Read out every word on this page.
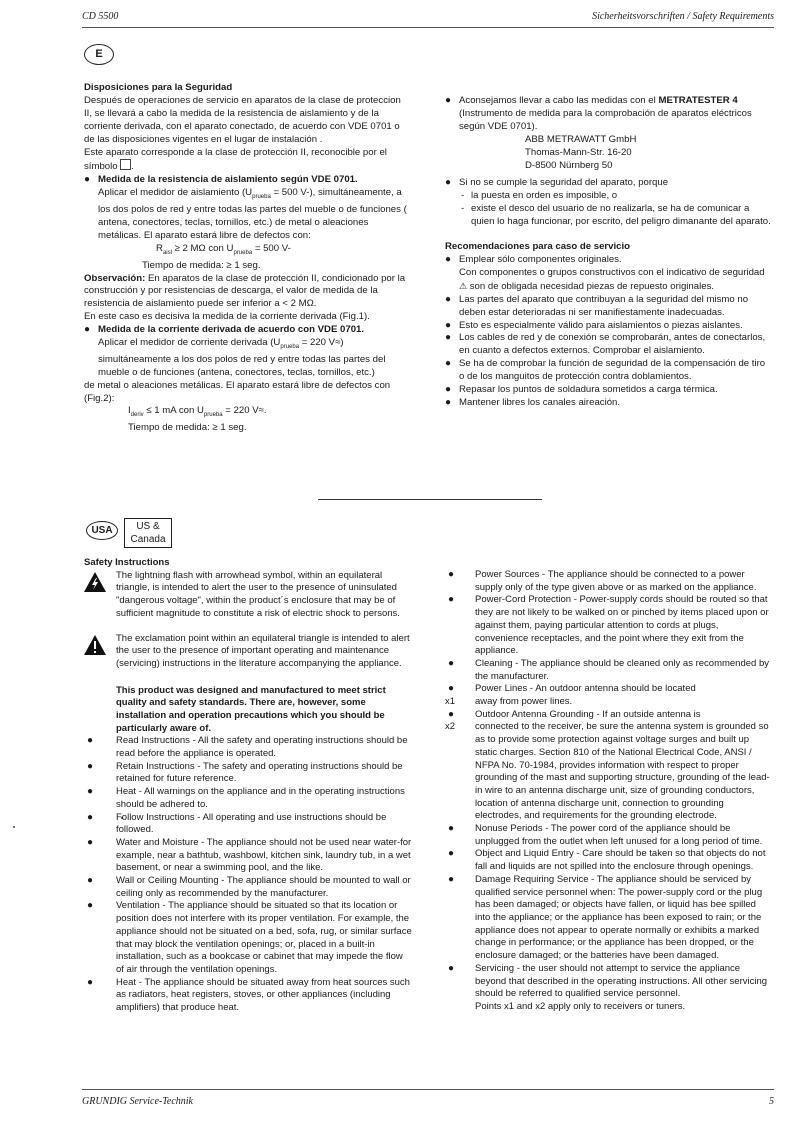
CD 5500	Sicherheitsvorschriften / Safety Requirements
E

Disposiciones para la Seguridad

Después de operaciones de servicio en aparatos de la clase de proteccion II, se llevará a cabo la medida de la resistencia de aislamiento y de la corriente derivada, con el aparato conectado, de acuerdo con VDE 0701 o de las disposiciones vigentes en el lugar de instalación .

Este aparato corresponde a la clase de protección II, reconocible por el símbolo .

● Medida de la resistencia de aislamiento según VDE 0701.

Aplicar el medidor de aislamiento ($U_{prueba} = 500$ V-), simultáneamente, a los dos polos de red y entre todas las partes del mueble o de funciones ( antena, conectores, teclas, tornillos, etc.) de metal o aleaciones metálicas. El aparato estará libre de defectos con:

$R_{aisl} \ge 2$ MΩ con $U_{prueba} = 500$ V-

Tiempo de medida: ≥ 1 seg.

Observación: En aparatos de la clase de protección II, condicionado por la construcción y por resistencias de descarga, el valor de medida de la resistencia de aislamiento puede ser inferior a < 2 MΩ.

En este caso es decisiva la medida de la corriente derivada (Fig.1).

● Medida de la corriente derivada de acuerdo con VDE 0701.

Aplicar el medidor de corriente derivada ($U_{prueba} = 220$ V≈) simultáneamente a los dos polos de red y entre todas las partes del mueble o de funciones (antena, conectores, teclas, tornillos, etc.)

de metal o aleaciones metálicas. El aparato estará libre de defectos con (Fig.2):

$I_{deriv} \le 1$ mA con $U_{prueba} = 220$ V≈.

Tiempo de medida: ≥ 1 seg.

● Aconsejamos llevar a cabo las medidas con el METRATESTER 4 (Instrumento de medida para la comprobación de aparatos eléctricos según VDE 0701).

ABB METRAWATT GmbH

Thomas-Mann-Str. 16-20

D-8500 Nürnberg 50

● Si no se cumple la seguridad del aparato, porque

- la puesta en orden es imposible, o

- existe el desco del usuario de no realizarla, se ha de comunicar a quien lo haga funcionar, por escrito, del peligro dimanante del aparato.

Recomendaciones para caso de servicio

● Emplear sólo componentes originales.

Con componentes o grupos constructivos con el indicativo de seguridad ⚠ son de obligada necesidad piezas de repuesto originales.

● Las partes del aparato que contribuyan a la seguridad del mismo no deben estar deterioradas ni ser manifiestamente inadecuadas.

● Esto es especialmente válido para aislamientos o piezas aislantes.

● Los cables de red y de conexión se comprobarán, antes de conectarlos, en cuanto a defectos externos. Comprobar el aislamiento.

● Se ha de comprobar la función de seguridad de la compensación de tiro o de los manguitos de protección contra doblamientos.

● Repasar los puntos de soldadura sometidos a carga térmica.

● Mantener libres los canales aireación.

USA	US & Canada

Safety Instructions

The lightning flash with arrowhead symbol, within an equilateral triangle, is intended to alert the user to the presence of uninsulated "dangerous voltage", within the product´s enclosure that may be of sufficient magnitude to constitute a risk of electric shock to persons.

The exclamation point within an equilateral triangle is intended to alert the user to the presence of important operating and maintenance (servicing) instructions in the literature accompanying the appliance.

This product was designed and manufactured to meet strict quality and safety standards. There are, however, some installation and operation precautions which you should be particularly aware of.

● Read Instructions - All the safety and operating instructions should be read before the appliance is operated.

● Retain Instructions - The safety and operating instructions should be retained for future reference.

● Heat - All warnings on the appliance and in the operating instructions should be adhered to.

● Follow Instructions - All operating and use instructions should be followed.

● Water and Moisture - The appliance should not be used near water-for example, near a bathtub, washbowl, kitchen sink, laundry tub, in a wet basement, or near a swimming pool, and the like.

● Wall or Ceiling Mounting - The appliance should be mounted to wall or ceiling only as recommended by the manufacturer.

● Ventilation - The appliance should be situated so that its location or position does not interfere with its proper ventilation. For example, the appliance should not be situated on a bed, sofa, rug, or similar surface that may block the ventilation openings; or, placed in a built-in installation, such as a bookcase or cabinet that may impede the flow of air through the ventilation openings.

● Heat - The appliance should be situated away from heat sources such as radiators, heat registers, stoves, or other appliances (including amplifiers) that produce heat.

● Power Sources - The appliance should be connected to a power supply only of the type given above or as marked on the appliance.

● Power-Cord Protection - Power-supply cords should be routed so that they are not likely to be walked on or pinched by items placed upon or against them, paying particular attention to cords at plugs, convenience receptacles, and the point where they exit from the appliance.

● Cleaning - The appliance should be cleaned only as recommended by the manufacturer.

● Power Lines - An outdoor antenna should be located

x1 away from power lines.

● Outdoor Antenna Grounding - If an outside antenna is

x2 connected to the receiver, be sure the antenna system is grounded so as to provide some protection against voltage surges and built up static charges. Section 810 of the National Electrical Code, ANSI / NFPA No. 70-1984, provides information with respect to proper grounding of the mast and supporting structure, grounding of the lead-in wire to an antenna discharge unit, size of grounding conductors, location of antenna discharge unit, connection to grounding electrodes, and requirements for the grounding electrode.

● Nonuse Periods - The power cord of the appliance should be unplugged from the outlet when left unused for a long period of time.

● Object and Liquid Entry - Care should be taken so that objects do not fall and liquids are not spilled into the enclosure through openings.

● Damage Requiring Service - The appliance should be serviced by qualified service personnel when: The power-supply cord or the plug has been damaged; or objects have fallen, or liquid has bee spilled into the appliance; or the appliance has been exposed to rain; or the appliance does not appear to operate normally or exhibits a marked change in performance; or the appliance has been dropped, or the enclosure damaged; or the batteries have been damaged.

● Servicing - the user should not attempt to service the appliance beyond that described in the operating instructions. All other servicing should be referred to qualified service personnel.

Points x1 and x2 apply only to receivers or tuners.

GRUNDIG Service-Technik	5
